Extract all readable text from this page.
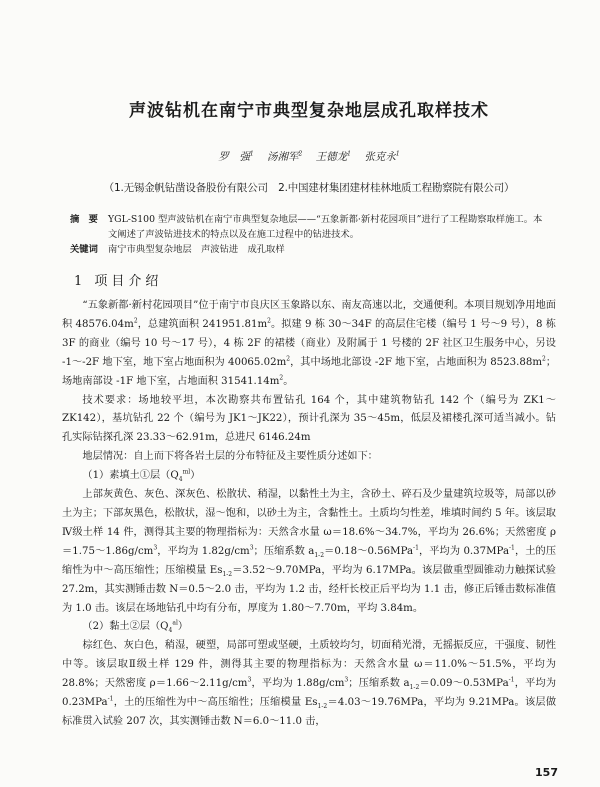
声波钻机在南宁市典型复杂地层成孔取样技术
罗　强$^1$ 汤湘军$^2$ 王德龙$^1$ 张克永$^1$
（1.无锡金帆钻凿设备股份有限公司　2.中国建材集团建材桂林地质工程勘察院有限公司）
摘　要	YGL-S100 型声波钻机在南宁市典型复杂地层——“五象新都·新村花园项目”进行了工程勘察取样施工。本文阐述了声波钻进技术的特点以及在施工过程中的钻进技术。
关键词	南宁市典型复杂地层　声波钻进　成孔取样
1 项目介绍

“五象新都·新村花园项目”位于南宁市良庆区玉象路以东、南友高速以北，交通便利。本项目规划净用地面积 $48576.04m^2$，总建筑面积 $241951.81m^2$。拟建 9 栋 30～34F 的高层住宅楼（编号 1 号～9 号），8 栋 3F 的商业（编号 10 号～17 号），4 栋 2F 的裙楼（商业）及附属于 1 号楼的 2F 社区卫生服务中心，另设 -1～-2F 地下室，地下室占地面积为 $40065.02m^2$，其中场地北部设 -2F 地下室，占地面积为 $8523.88m^2$；场地南部设 -1F 地下室，占地面积 $31541.14m^2$。

技术要求：场地较平坦，本次勘察共布置钻孔 164 个，其中建筑物钻孔 142 个（编号为 ZK1～ZK142），基坑钻孔 22 个（编号为 JK1～JK22），预计孔深为 35～45m，低层及裙楼孔深可适当减小。钻孔实际钻探孔深 23.33～62.91m，总进尺 6146.24m

地层情况：自上而下将各岩土层的分布特征及主要性质分述如下：

（1）素填土①层$(Q_4^{ml})$

上部灰黄色、灰色、深灰色、松散状、稍湿，以黏性土为主，含砂土、碎石及少量建筑垃圾等，局部以砂土为主；下部灰黑色，松散状，湿～饱和，以砂土为主，含黏性土。土质均匀性差，堆填时间约 5 年。该层取Ⅳ级土样 14 件，测得其主要的物理指标为：天然含水量 ω＝18.6%～34.7%，平均为 26.6%；天然密度 $\rho=1.75\sim 1.86g/cm^3$，平均为 $1.82g/cm^3$；压缩系数 $a_{1-2}=0.18\sim 0.56MPa^{-1}$，平均为 0.37MPa$^{-1}$，土的压缩性为中～高压缩性；压缩模量 $Es_{1-2}=3.52\sim 9.70MPa$，平均为 6.17MPa。该层做重型圆锥动力触探试验 27.2m，其实测锤击数 N＝0.5～2.0 击，平均为 1.2 击，经杆长校正后平均为 1.1 击，修正后锤击数标准值为 1.0 击。该层在场地钻孔中均有分布，厚度为 1.80～7.70m，平均 3.84m。

（2）黏土②层$(Q_4^{al})$

棕红色、灰白色，稍湿，硬塑，局部可塑或坚硬，土质较均匀，切面稍光滑，无摇振反应，干强度、韧性中等。该层取Ⅱ级土样 129 件，测得其主要的物理指标为：天然含水量 ω＝11.0%～51.5%，平均为 28.8%；天然密度 $\rho=1.66\sim 2.11g/cm^3$，平均为 $1.88g/cm^3$；压缩系数 $a_{1-2}=0.09\sim 0.53MPa^{-1}$，平均为 0.23MPa$^{-1}$，土的压缩性为中～高压缩性；压缩模量 $Es_{1-2}=4.03\sim 19.76MPa$，平均为 9.21MPa。该层做标准贯入试验 207 次，其实测锤击数 N＝6.0～11.0 击，

157
